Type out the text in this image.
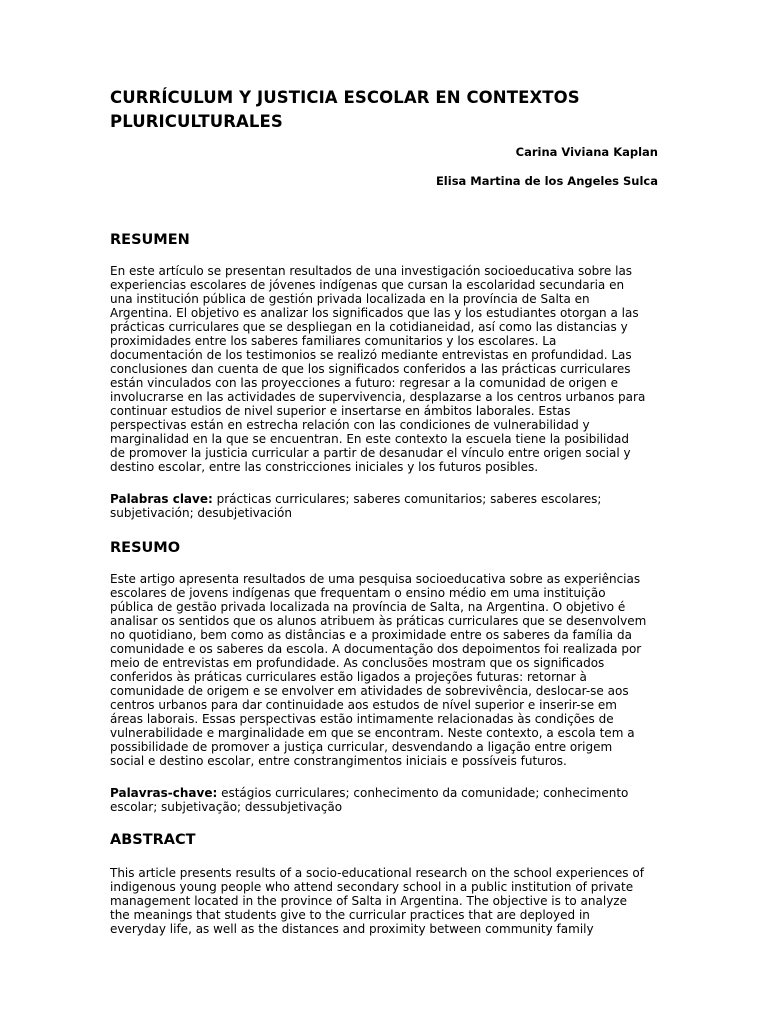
CURRÍCULUM Y JUSTICIA ESCOLAR EN CONTEXTOS
PLURICULTURALES

Carina Viviana Kaplan

Elisa Martina de los Angeles Sulca

RESUMEN
En este artículo se presentan resultados de una investigación socioeducativa sobre las
experiencias escolares de jóvenes indígenas que cursan la escolaridad secundaria en
una institución pública de gestión privada localizada en la província de Salta en
Argentina. El objetivo es analizar los significados que las y los estudiantes otorgan a las
prácticas curriculares que se despliegan en la cotidianeidad, así como las distancias y
proximidades entre los saberes familiares comunitarios y los escolares. La
documentación de los testimonios se realizó mediante entrevistas en profundidad. Las
conclusiones dan cuenta de que los significados conferidos a las prácticas curriculares
están vinculados con las proyecciones a futuro: regresar a la comunidad de origen e
involucrarse en las actividades de supervivencia, desplazarse a los centros urbanos para
continuar estudios de nivel superior e insertarse en ámbitos laborales. Estas
perspectivas están en estrecha relación con las condiciones de vulnerabilidad y
marginalidad en la que se encuentran. En este contexto la escuela tiene la posibilidad
de promover la justicia curricular a partir de desanudar el vínculo entre origen social y
destino escolar, entre las constricciones iniciales y los futuros posibles.
Palabras clave: prácticas curriculares; saberes comunitarios; saberes escolares;
subjetivación; desubjetivación
RESUMO
Este artigo apresenta resultados de uma pesquisa socioeducativa sobre as experiências
escolares de jovens indígenas que frequentam o ensino médio em uma instituição
pública de gestão privada localizada na província de Salta, na Argentina. O objetivo é
analisar os sentidos que os alunos atribuem às práticas curriculares que se desenvolvem
no quotidiano, bem como as distâncias e a proximidade entre os saberes da família da
comunidade e os saberes da escola. A documentação dos depoimentos foi realizada por
meio de entrevistas em profundidade. As conclusões mostram que os significados
conferidos às práticas curriculares estão ligados a projeções futuras: retornar à
comunidade de origem e se envolver em atividades de sobrevivência, deslocar-se aos
centros urbanos para dar continuidade aos estudos de nível superior e inserir-se em
áreas laborais. Essas perspectivas estão intimamente relacionadas às condições de
vulnerabilidade e marginalidade em que se encontram. Neste contexto, a escola tem a
possibilidade de promover a justiça curricular, desvendando a ligação entre origem
social e destino escolar, entre constrangimentos iniciais e possíveis futuros.
Palavras-chave: estágios curriculares; conhecimento da comunidade; conhecimento
escolar; subjetivação; dessubjetivação
ABSTRACT
This article presents results of a socio-educational research on the school experiences of
indigenous young people who attend secondary school in a public institution of private
management located in the province of Salta in Argentina. The objective is to analyze
the meanings that students give to the curricular practices that are deployed in
everyday life, as well as the distances and proximity between community family
